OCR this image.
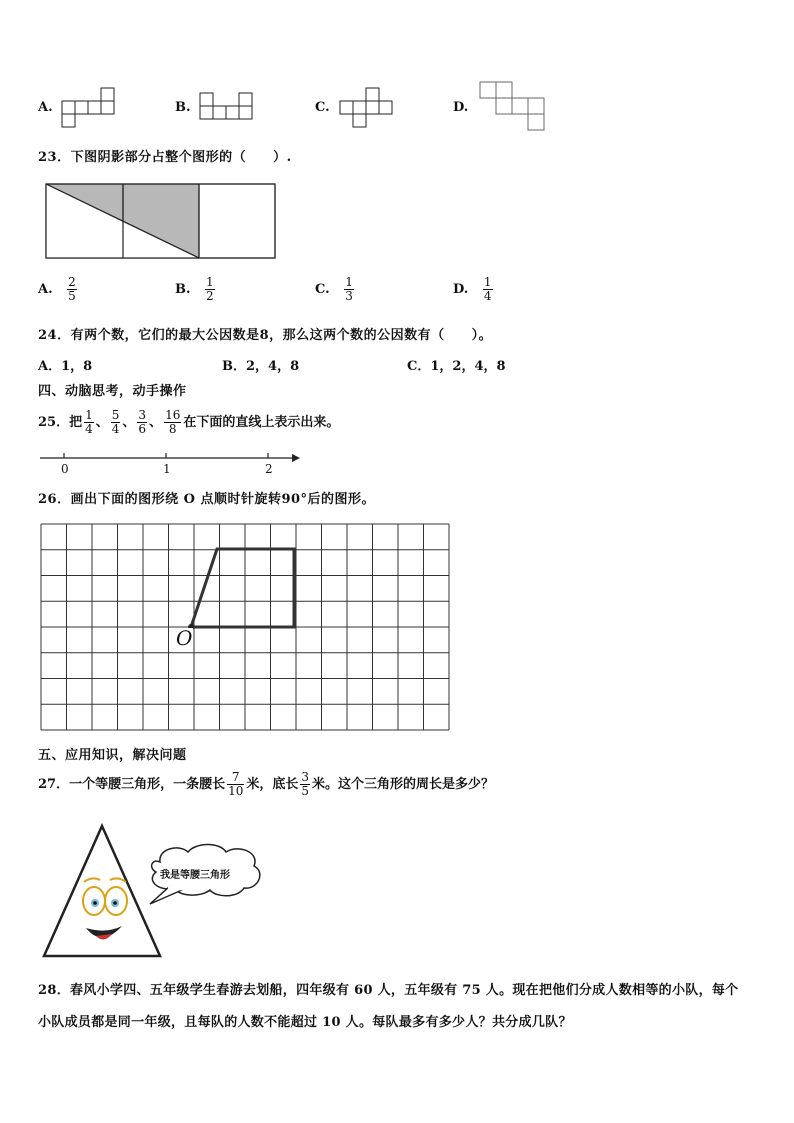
A.	B.	C.	D.
23．下图阴影部分占整个图形的（　　）.
A. $\frac{2}{5}$	B. $\frac{1}{2}$	C. $\frac{1}{3}$	D. $\frac{1}{4}$
24．有两个数，它们的最大公因数是8，那么这两个数的公因数有（　　）。
A．1，8	B．2，4，8	C．1，2，4，8
四、动脑思考，动手操作
25．把 $\frac{1}{4}$ 、 $\frac{5}{4}$ 、 $\frac{3}{6}$ 、 $\frac{16}{8}$ 在下面的直线上表示出来。
0	1	2
26．画出下面的图形绕 O 点顺时针旋转90°后的图形。
O
五、应用知识，解决问题
27．一个等腰三角形，一条腰长 $\frac{7}{10}$ 米，底长 $\frac{3}{5}$ 米。这个三角形的周长是多少？
我是等腰三角形
28．春风小学四、五年级学生春游去划船，四年级有 60 人，五年级有 75 人。现在把他们分成人数相等的小队，每个
小队成员都是同一年级，且每队的人数不能超过 10 人。每队最多有多少人？共分成几队？
